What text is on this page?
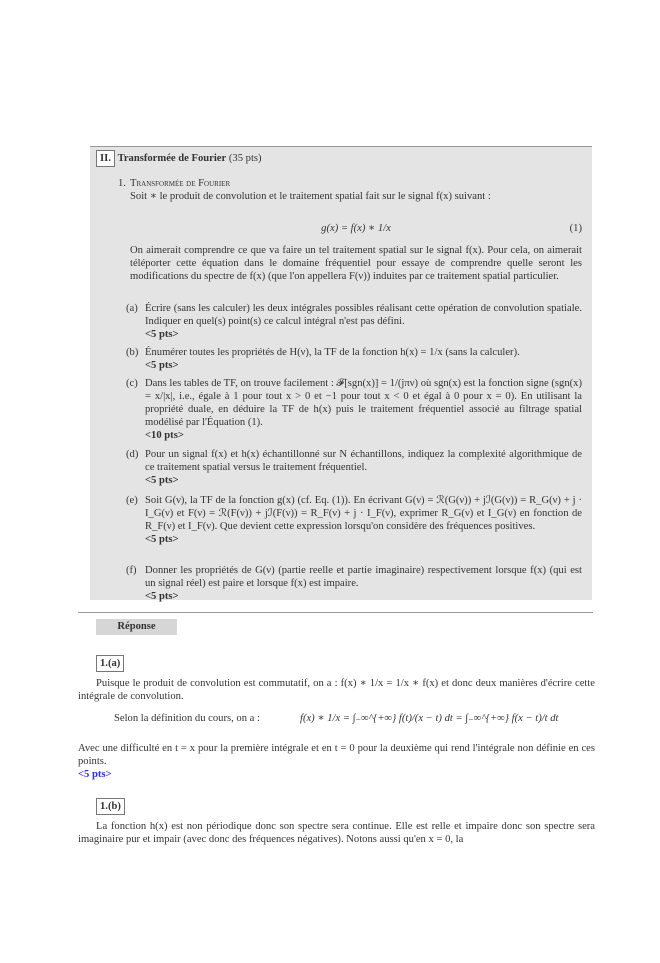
II. Transformée de Fourier (35 pts)
1. Transformée de Fourier
Soit ∗ le produit de convolution et le traitement spatial fait sur le signal f(x) suivant :
g(x) = f(x) ∗ 1/x	(1)
On aimerait comprendre ce que va faire un tel traitement spatial sur le signal f(x). Pour cela, on aimerait téléporter cette équation dans le domaine fréquentiel pour essaye de comprendre quelle seront les modifications du spectre de f(x) (que l'on appellera F(ν)) induites par ce traitement spatial particulier.
(a) Écrire (sans les calculer) les deux intégrales possibles réalisant cette opération de convolution spatiale. Indiquer en quel(s) point(s) ce calcul intégral n'est pas défini.
<5 pts>
(b) Énumérer toutes les propriétés de H(ν), la TF de la fonction h(x) = 1/x (sans la calculer).
<5 pts>
(c) Dans les tables de TF, on trouve facilement : 𝓕[sgn(x)] = 1/(jπν) où sgn(x) est la fonction signe (sgn(x) = x/|x|, i.e., égale à 1 pour tout x > 0 et −1 pour tout x < 0 et égal à 0 pour x = 0). En utilisant la propriété duale, en déduire la TF de h(x) puis le traitement fréquentiel associé au filtrage spatial modélisé par l'Équation (1).
<10 pts>
(d) Pour un signal f(x) et h(x) échantillonné sur N échantillons, indiquez la complexité algorithmique de ce traitement spatial versus le traitement fréquentiel.
<5 pts>
(e) Soit G(ν), la TF de la fonction g(x) (cf. Eq. (1)). En écrivant G(ν) = ℛ(G(ν)) + jℐ(G(ν)) = R_G(ν) + j · I_G(ν) et F(ν) = ℛ(F(ν)) + jℐ(F(ν)) = R_F(ν) + j · I_F(ν), exprimer R_G(ν) et I_G(ν) en fonction de R_F(ν) et I_F(ν). Que devient cette expression lorsqu'on considère des fréquences positives.
<5 pts>
(f) Donner les propriétés de G(ν) (partie reelle et partie imaginaire) respectivement lorsque f(x) (qui est un signal réel) est paire et lorsque f(x) est impaire.
<5 pts>
Réponse
1.(a)
Puisque le produit de convolution est commutatif, on a : f(x) ∗ 1/x = 1/x ∗ f(x) et donc deux manières d'écrire cette intégrale de convolution.
Selon la définition du cours, on a :	f(x) ∗ 1/x = ∫₋∞^{+∞} f(t)/(x − t) dt = ∫₋∞^{+∞} f(x − t)/t dt
Avec une difficulté en t = x pour la première intégrale et en t = 0 pour la deuxième qui rend l'intégrale non définie en ces points.
<5 pts>
1.(b)
La fonction h(x) est non périodique donc son spectre sera continue. Elle est relle et impaire donc son spectre sera imaginaire pur et impair (avec donc des fréquences négatives). Notons aussi qu'en x = 0, la
